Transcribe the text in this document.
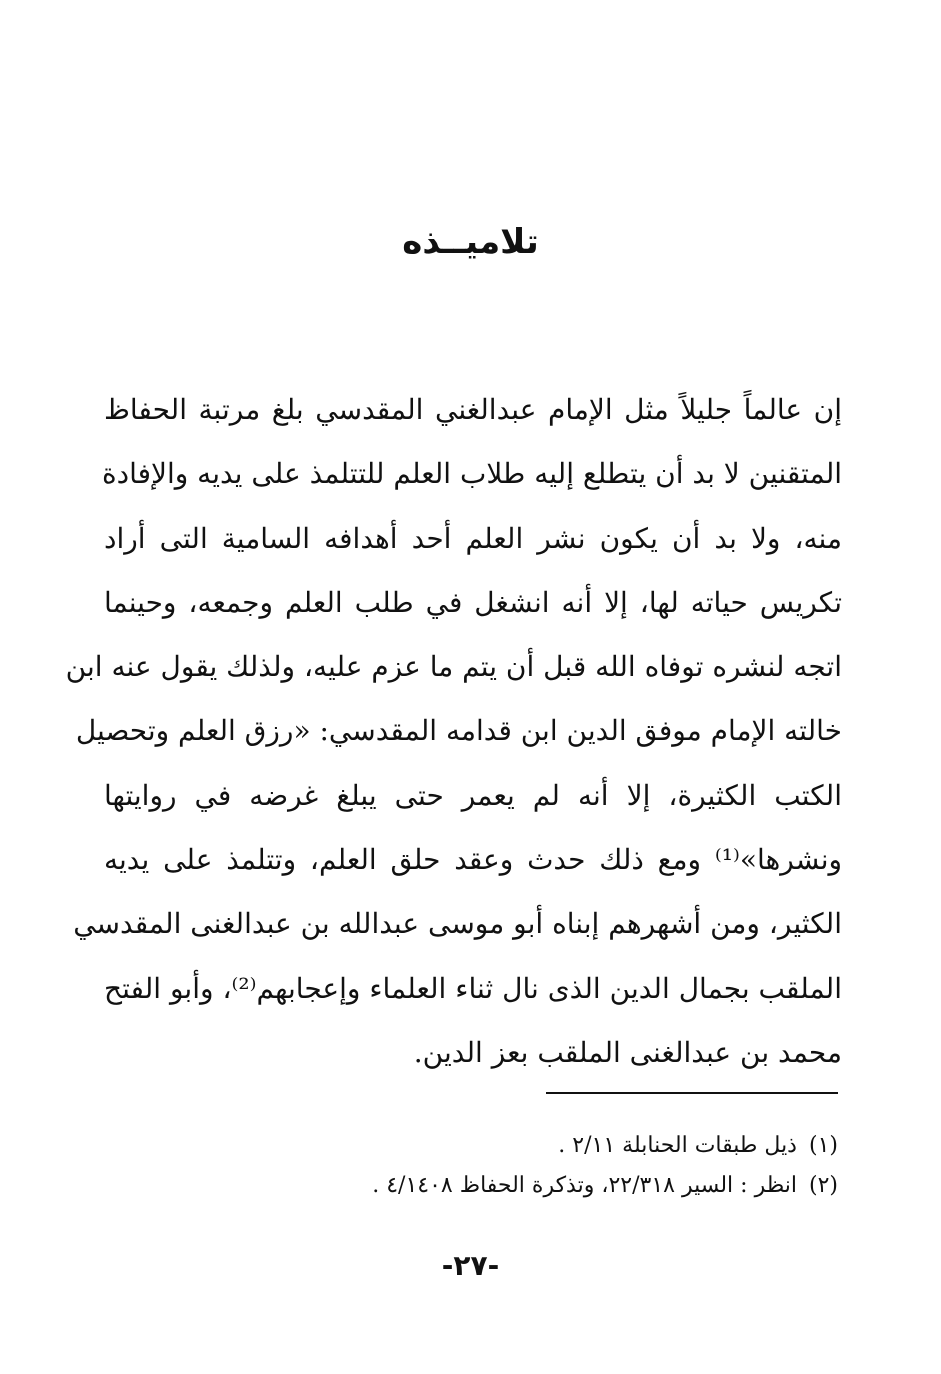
تلاميــذه
إن عالماً جليلاً مثل الإمام عبدالغني المقدسي بلغ مرتبة الحفاظ
المتقنين لا بد أن يتطلع إليه طلاب العلم للتتلمذ على يديه والإفادة
منه، ولا بد أن يكون نشر العلم أحد أهدافه السامية التى أراد
تكريس حياته لها، إلا أنه انشغل في طلب العلم وجمعه، وحينما
اتجه لنشره توفاه الله قبل أن يتم ما عزم عليه، ولذلك يقول عنه ابن
خالته الإمام موفق الدين ابن قدامه المقدسي: «رزق العلم وتحصيل
الكتب الكثيرة، إلا أنه لم يعمر حتى يبلغ غرضه في روايتها
ونشرها»⁽¹⁾ ومع ذلك حدث وعقد حلق العلم، وتتلمذ على يديه
الكثير، ومن أشهرهم إبناه أبو موسى عبدالله بن عبدالغنى المقدسي
الملقب بجمال الدين الذى نال ثناء العلماء وإعجابهم⁽²⁾، وأبو الفتح
محمد بن عبدالغنى الملقب بعز الدين.
(١)ذيل طبقات الحنابلة ٢/١١ .
(٢)انظر : السير ٢٢/٣١٨، وتذكرة الحفاظ ٤/١٤٠٨ .
-٢٧-
